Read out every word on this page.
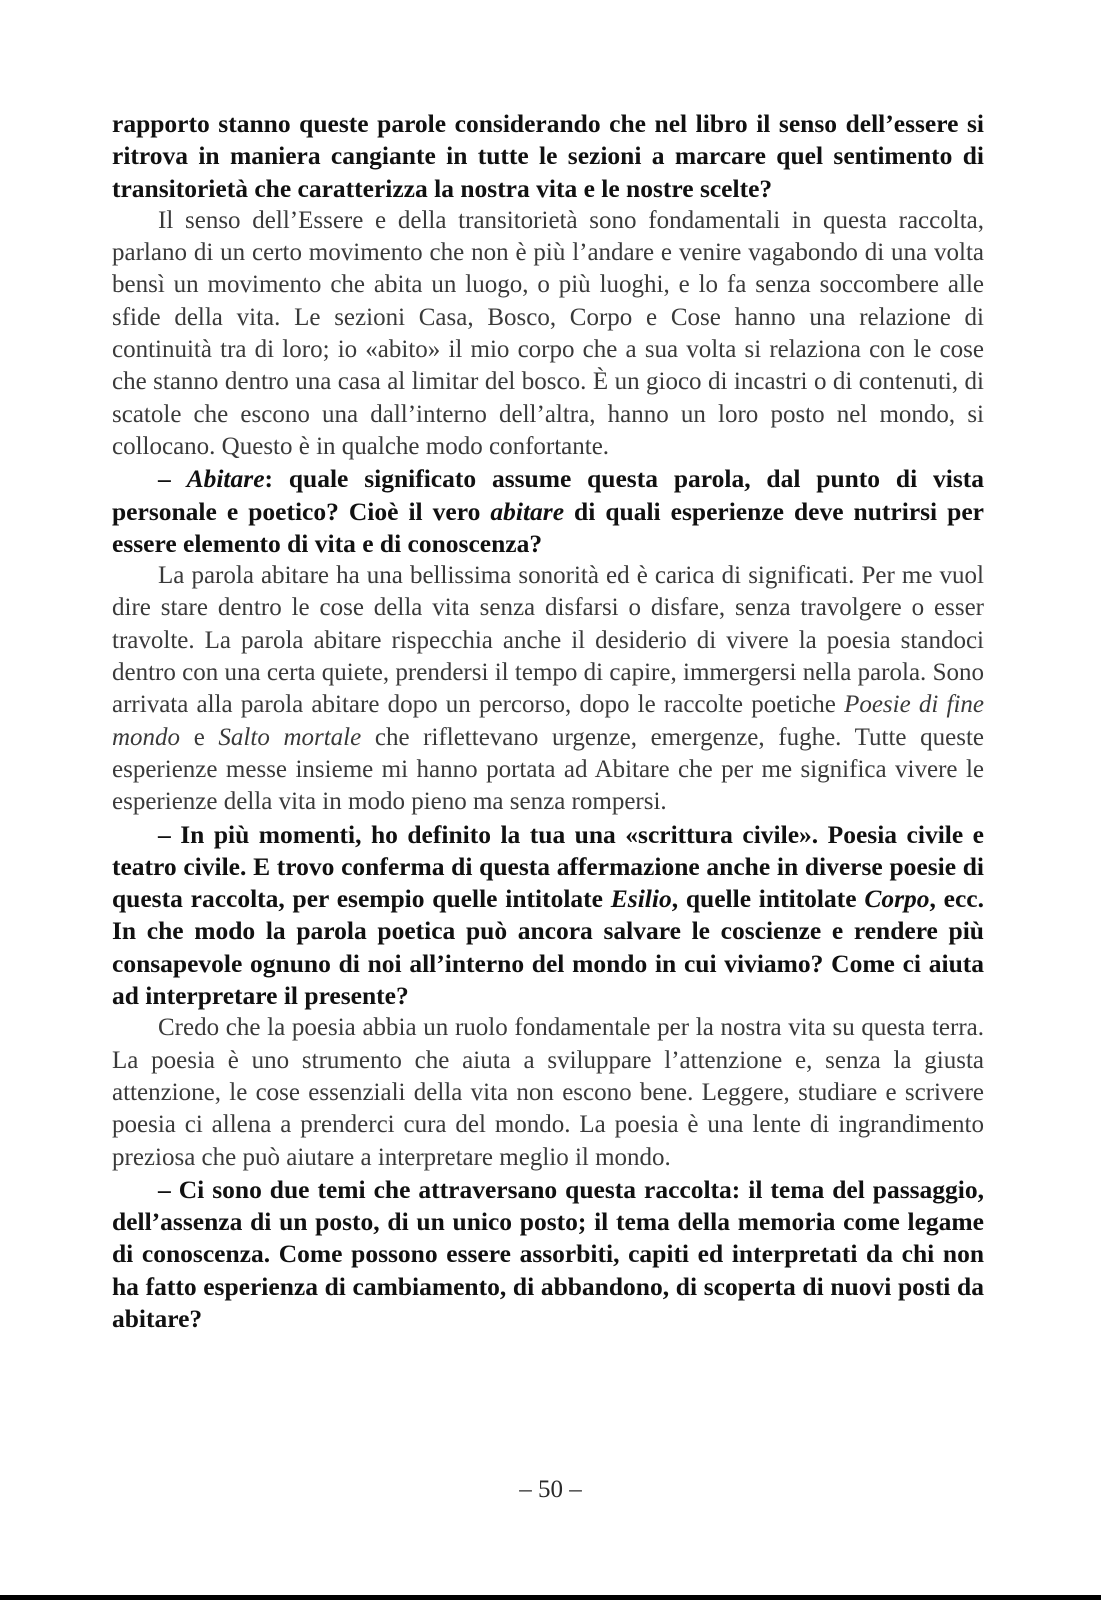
rapporto stanno queste parole considerando che nel libro il senso dell’essere si ritrova in maniera cangiante in tutte le sezioni a marcare quel sentimento di transitorietà che caratterizza la nostra vita e le nostre scelte?

Il senso dell’Essere e della transitorietà sono fondamentali in questa raccolta, parlano di un certo movimento che non è più l’andare e venire vagabondo di una volta bensì un movimento che abita un luogo, o più luoghi, e lo fa senza soccombere alle sfide della vita. Le sezioni Casa, Bosco, Corpo e Cose hanno una relazione di continuità tra di loro; io «abito» il mio corpo che a sua volta si relaziona con le cose che stanno dentro una casa al limitar del bosco. È un gioco di incastri o di contenuti, di scatole che escono una dall’interno dell’altra, hanno un loro posto nel mondo, si collocano. Questo è in qualche modo confortante.

– Abitare: quale significato assume questa parola, dal punto di vista personale e poetico? Cioè il vero abitare di quali esperienze deve nutrirsi per essere elemento di vita e di conoscenza?

La parola abitare ha una bellissima sonorità ed è carica di significati. Per me vuol dire stare dentro le cose della vita senza disfarsi o disfare, senza travolgere o esser travolte. La parola abitare rispecchia anche il desiderio di vivere la poesia standoci dentro con una certa quiete, prendersi il tempo di capire, immergersi nella parola. Sono arrivata alla parola abitare dopo un percorso, dopo le raccolte poetiche Poesie di fine mondo e Salto mortale che riflettevano urgenze, emergenze, fughe. Tutte queste esperienze messe insieme mi hanno portata ad Abitare che per me significa vivere le esperienze della vita in modo pieno ma senza rompersi.

– In più momenti, ho definito la tua una «scrittura civile». Poesia civile e teatro civile. E trovo conferma di questa affermazione anche in diverse poesie di questa raccolta, per esempio quelle intitolate Esilio, quelle intitolate Corpo, ecc. In che modo la parola poetica può ancora salvare le coscienze e rendere più consapevole ognuno di noi all’interno del mondo in cui viviamo? Come ci aiuta ad interpretare il presente?

Credo che la poesia abbia un ruolo fondamentale per la nostra vita su questa terra. La poesia è uno strumento che aiuta a sviluppare l’attenzione e, senza la giusta attenzione, le cose essenziali della vita non escono bene. Leggere, studiare e scrivere poesia ci allena a prenderci cura del mondo. La poesia è una lente di ingrandimento preziosa che può aiutare a interpretare meglio il mondo.

– Ci sono due temi che attraversano questa raccolta: il tema del passaggio, dell’assenza di un posto, di un unico posto; il tema della memoria come legame di conoscenza. Come possono essere assorbiti, capiti ed interpretati da chi non ha fatto esperienza di cambiamento, di abbandono, di scoperta di nuovi posti da abitare?

– 50 –
